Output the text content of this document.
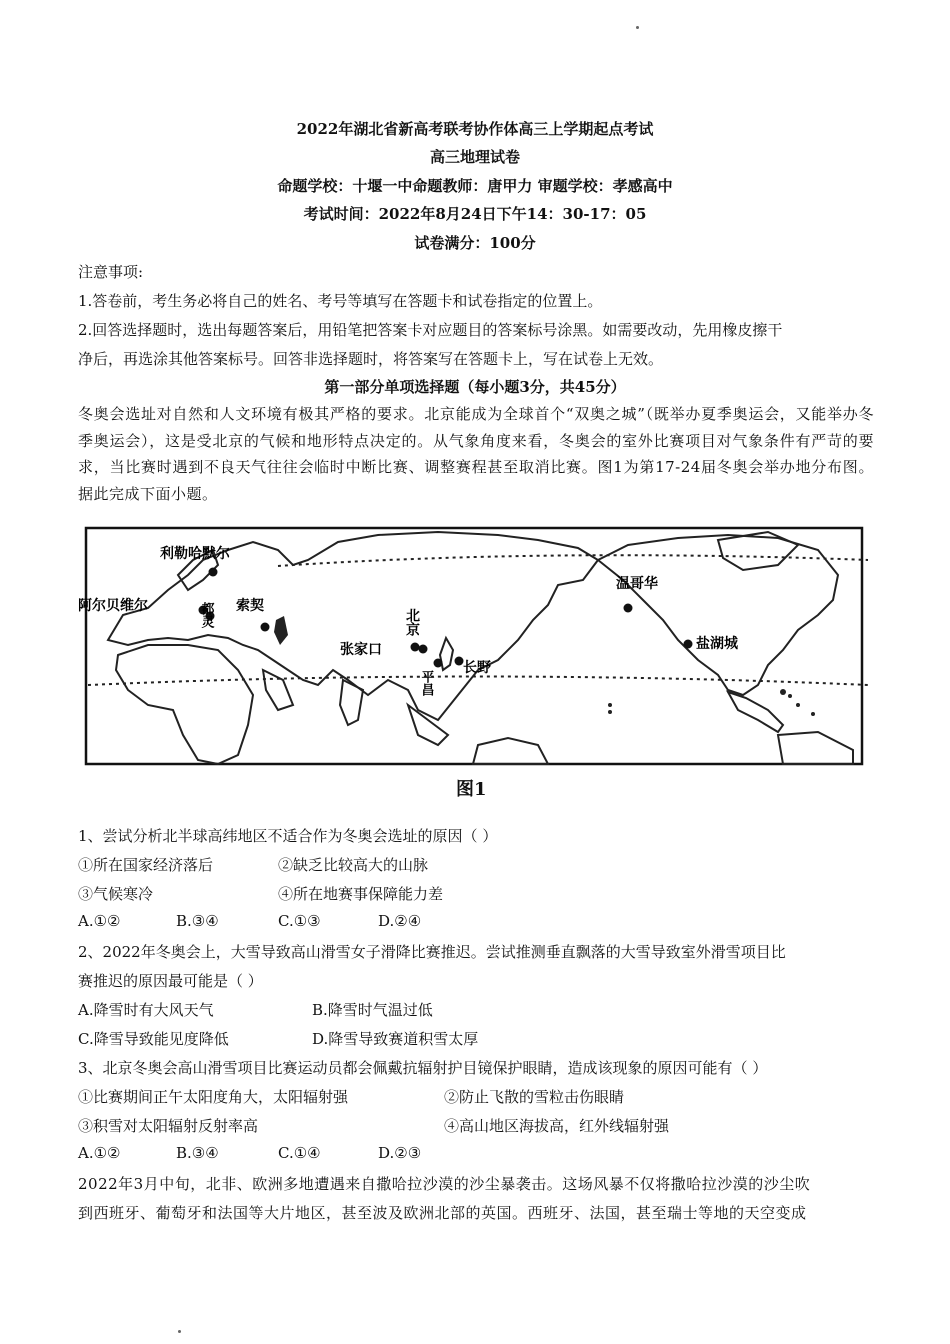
2022年湖北省新高考联考协作体高三上学期起点考试
高三地理试卷
命题学校：十堰一中命题教师：唐甲力 审题学校：孝感高中
考试时间：2022年8月24日下午14：30-17：05
试卷满分：100分
注意事项:
1.答卷前，考生务必将自己的姓名、考号等填写在答题卡和试卷指定的位置上。
2.回答选择题时，选出每题答案后，用铅笔把答案卡对应题目的答案标号涂黑。如需要改动，先用橡皮擦干
净后，再选涂其他答案标号。回答非选择题时，将答案写在答题卡上，写在试卷上无效。
第一部分单项选择题（每小题3分，共45分）
冬奥会选址对自然和人文环境有极其严格的要求。北京能成为全球首个“双奥之城”（既举办夏季奥运会，又能举办冬季奥运会），这是受北京的气候和地形特点决定的。从气象角度来看，冬奥会的室外比赛项目对气象条件有严苛的要求，当比赛时遇到不良天气往往会临时中断比赛、调整赛程甚至取消比赛。图1为第17-24届冬奥会举办地分布图。据此完成下面小题。
利勒哈默尔
阿尔贝维尔	都灵 索契
北京
张家口
平昌
长野
温哥华
盐湖城
图1
1、尝试分析北半球高纬地区不适合作为冬奥会选址的原因（ ）
①所在国家经济落后	②缺乏比较高大的山脉
③气候寒冷	④所在地赛事保障能力差
A.①②	B.③④	C.①③	D.②④
2、2022年冬奥会上，大雪导致高山滑雪女子滑降比赛推迟。尝试推测垂直飘落的大雪导致室外滑雪项目比
赛推迟的原因最可能是（ ）
A.降雪时有大风天气	B.降雪时气温过低
C.降雪导致能见度降低	D.降雪导致赛道积雪太厚
3、北京冬奥会高山滑雪项目比赛运动员都会佩戴抗辐射护目镜保护眼睛，造成该现象的原因可能有（ ）
①比赛期间正午太阳度角大，太阳辐射强	②防止飞散的雪粒击伤眼睛
③积雪对太阳辐射反射率高	④高山地区海拔高，红外线辐射强
A.①②	B.③④	C.①④	D.②③
2022年3月中旬，北非、欧洲多地遭遇来自撒哈拉沙漠的沙尘暴袭击。这场风暴不仅将撒哈拉沙漠的沙尘吹
到西班牙、葡萄牙和法国等大片地区，甚至波及欧洲北部的英国。西班牙、法国，甚至瑞士等地的天空变成
